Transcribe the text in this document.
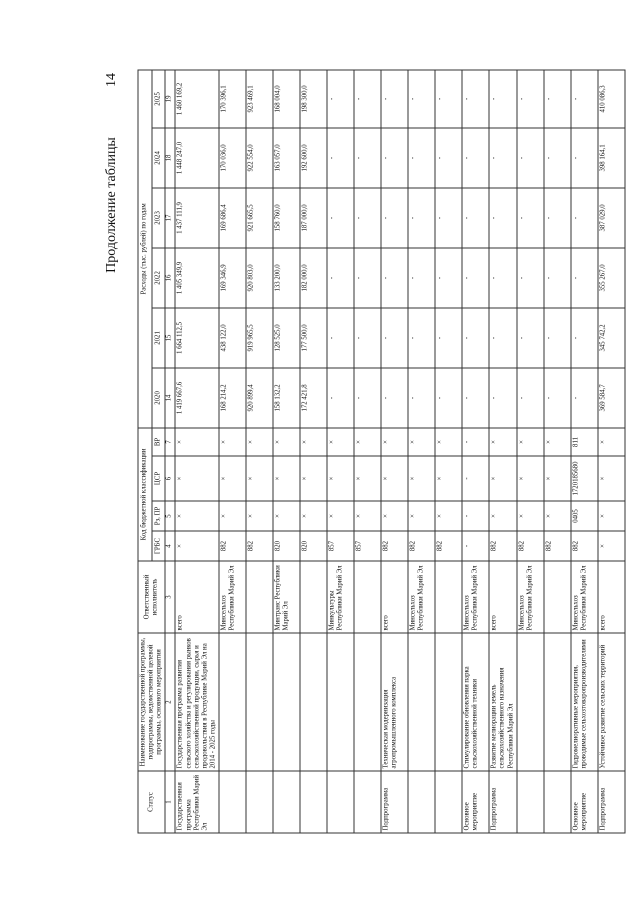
14
Продолжение таблицы
Статус	Наименование государственной программы, подпрограммы, ведомственной целевой программы, основного мероприятия	Ответственный исполнитель	Код бюджетной классификации				Расходы (тыс. рублей) по годам					
			ГРБС	Рз, ПР	ЦСР	ВР	2020	2021	2022	2023	2024	2025
1	2	3	4	5	6	7	14	15	16	17	18	19
Государственная программа Республики Марий Эл	Государственная программа развития сельского хозяйства и регулирования рынков сельскохозяйственной продукции, сырья и продовольствия в Республике Марий Эл на 2014 - 2025 годы	всего	×	×	×	×	1 419 667,6	1 664 112,5	1 405 349,9	1 437 111,9	1 448 247,0	1 460 169,2
		Минсельхоз Республики Марий Эл	882	×	×	×	168 214,2	438 122,0	169 346,9	169 686,4	170 036,0	170 396,1
			882	×	×	×	920 899,4	919 965,5	920 803,0	921 665,5	922 554,0	923 469,1
		Минтранс Республики Марий Эл	820	×	×	×	158 132,2	128 525,0	133 200,0	158 760,0	163 057,0	168 004,0
			820	×	×	×	172 421,8	177 500,0	182 000,0	187 000,0	192 600,0	198 300,0
		Минкультуры Республики Марий Эл	857	×	×	×	-	-	-	-	-	-
			857	×	×	×	-	-	-	-	-	-
Подпрограмма	Техническая модернизация агропромышленного комплекса	всего	882	×	×	×	-	-	-	-	-	-
		Минсельхоз Республики Марий Эл	882	×	×	×	-	-	-	-	-	-
			882	×	×	×	-	-	-	-	-	-
Основное мероприятие	Стимулирование обновления парка сельскохозяйственной техники	Минсельхоз Республики Марий Эл	-	-	-	-	-	-	-	-	-	-
Подпрограмма	Развитие мелиорации земель сельскохозяйственного назначения Республики Марий Эл	всего	882	×	×	×	-	-	-	-	-	-
		Минсельхоз Республики Марий Эл	882	×	×	×	-	-	-	-	-	-
			882	×	×	×	-	-	-	-	-	-
Основное мероприятие	Гидромелиоративные мероприятия, проводимые сельхозтоваропроизводителями	Минсельхоз Республики Марий Эл	882	0405	1720185680	811	-	-	-	-	-	-
Подпрограмма	Устойчивое развитие сельских территорий	всего	×	×	×	×	369 584,7	345 742,2	355 267,0	387 029,0	398 164,1	410 086,3
